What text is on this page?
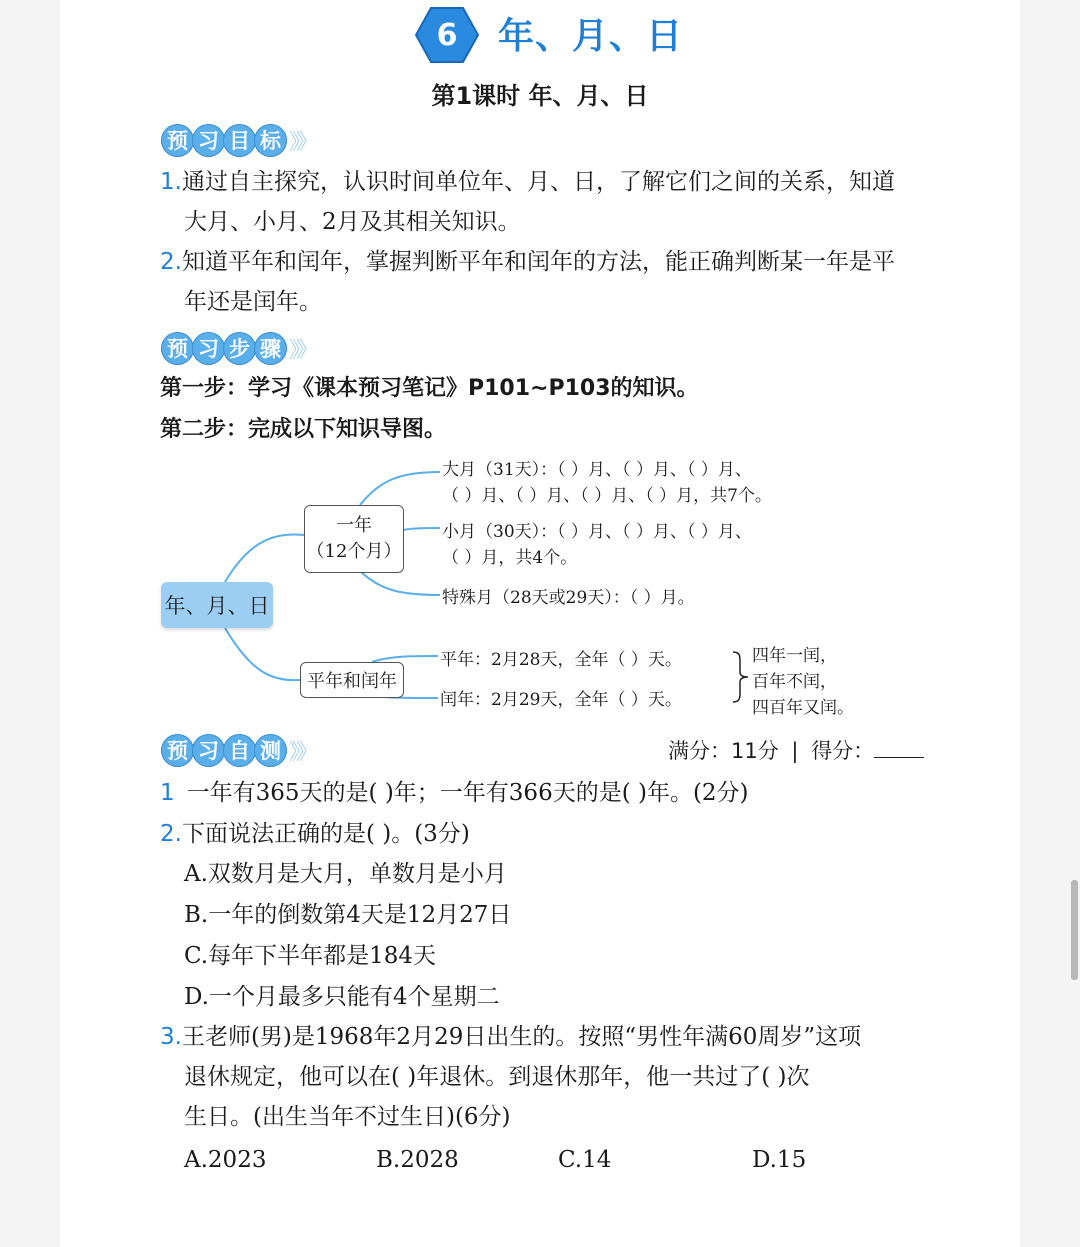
6	年、月、日
第1课时 年、月、日
预 习 目 标 》》
1.通过自主探究，认识时间单位年、月、日，了解它们之间的关系，知道
大月、小月、2月及其相关知识。
2.知道平年和闰年，掌握判断平年和闰年的方法，能正确判断某一年是平
年还是闰年。
预 习 步 骤 》》
第一步：学习《课本预习笔记》P101~P103的知识。
第二步：完成以下知识导图。
年、月、日
一年
（12个月）
平年和闰年
大月（31天）：（ ）月、（ ）月、（ ）月、
（ ）月、（ ）月、（ ）月、（ ）月，共7个。
小月（30天）：（ ）月、（ ）月、（ ）月、
（ ）月，共4个。
特殊月（28天或29天）：（ ）月。
平年：2月28天，全年（ ）天。
闰年：2月29天，全年（ ）天。
四年一闰，
百年不闰，
四百年又闰。
预 习 自 测 》》	满分：11分 | 得分：
1 一年有365天的是( )年；一年有366天的是( )年。(2分)
2.下面说法正确的是( )。(3分)
A.双数月是大月，单数月是小月
B.一年的倒数第4天是12月27日
C.每年下半年都是184天
D.一个月最多只能有4个星期二
3.王老师(男)是1968年2月29日出生的。按照“男性年满60周岁”这项
退休规定，他可以在( )年退休。到退休那年，他一共过了( )次
生日。(出生当年不过生日)(6分)
A.2023	B.2028	C.14	D.15
